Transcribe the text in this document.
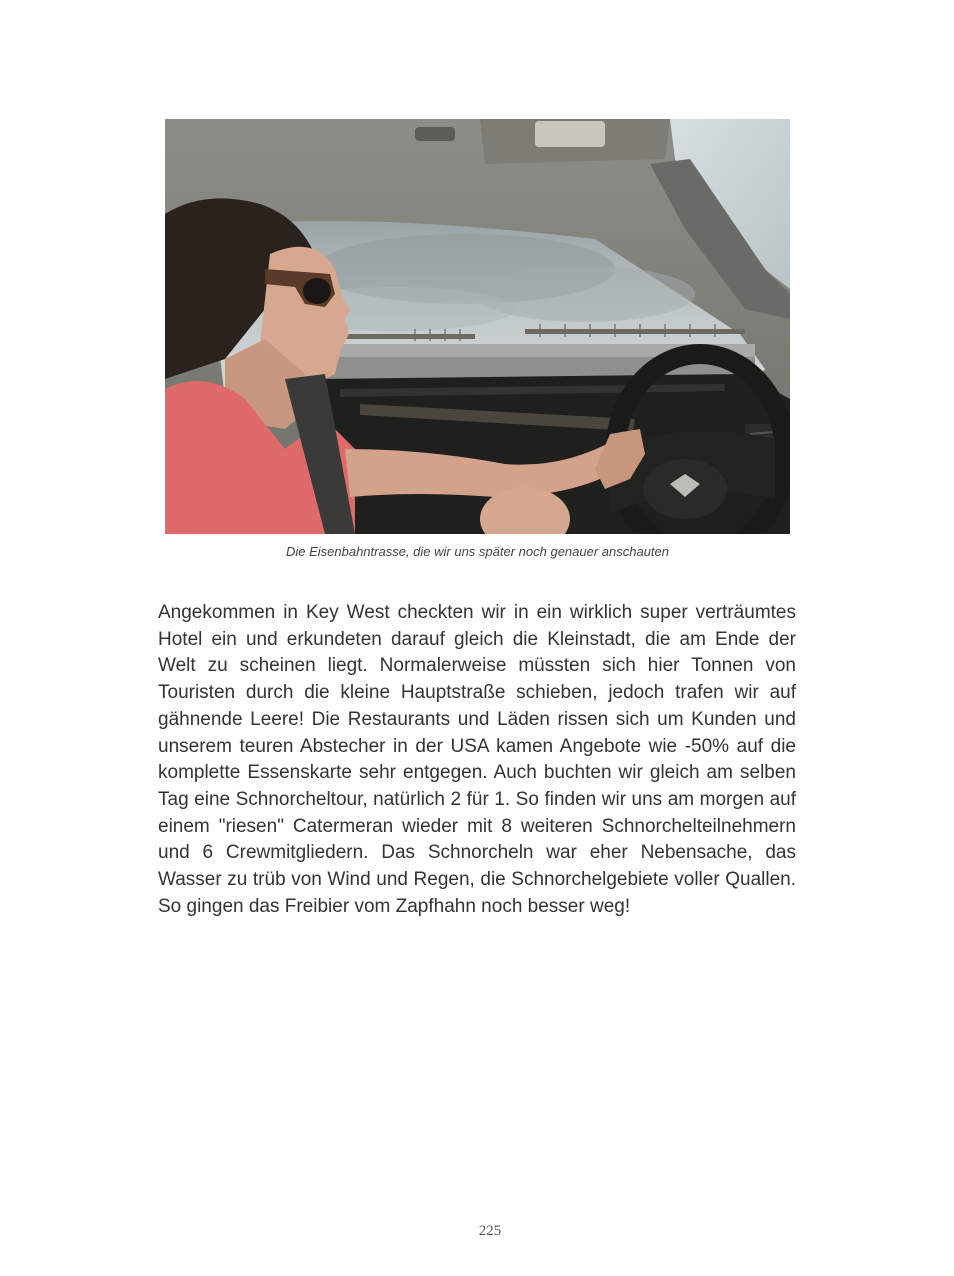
Die Eisenbahntrasse, die wir uns später noch genauer anschauten

Angekommen in Key West checkten wir in ein wirklich super verträumtes Hotel ein und erkundeten darauf gleich die Kleinstadt, die am Ende der Welt zu scheinen liegt. Normalerweise müssten sich hier Tonnen von Touristen durch die kleine Hauptstraße schieben, jedoch trafen wir auf gähnende Leere! Die Restaurants und Läden rissen sich um Kunden und unserem teuren Abstecher in der USA kamen Angebote wie -50% auf die komplette Essenskarte sehr entgegen. Auch buchten wir gleich am selben Tag eine Schnorcheltour, natürlich 2 für 1. So finden wir uns am morgen auf einem "riesen" Catermeran wieder mit 8 weiteren Schnorchelteilnehmern und 6 Crewmitgliedern. Das Schnorcheln war eher Nebensache, das Wasser zu trüb von Wind und Regen, die Schnorchelgebiete voller Quallen. So gingen das Freibier vom Zapfhahn noch besser weg!

225
